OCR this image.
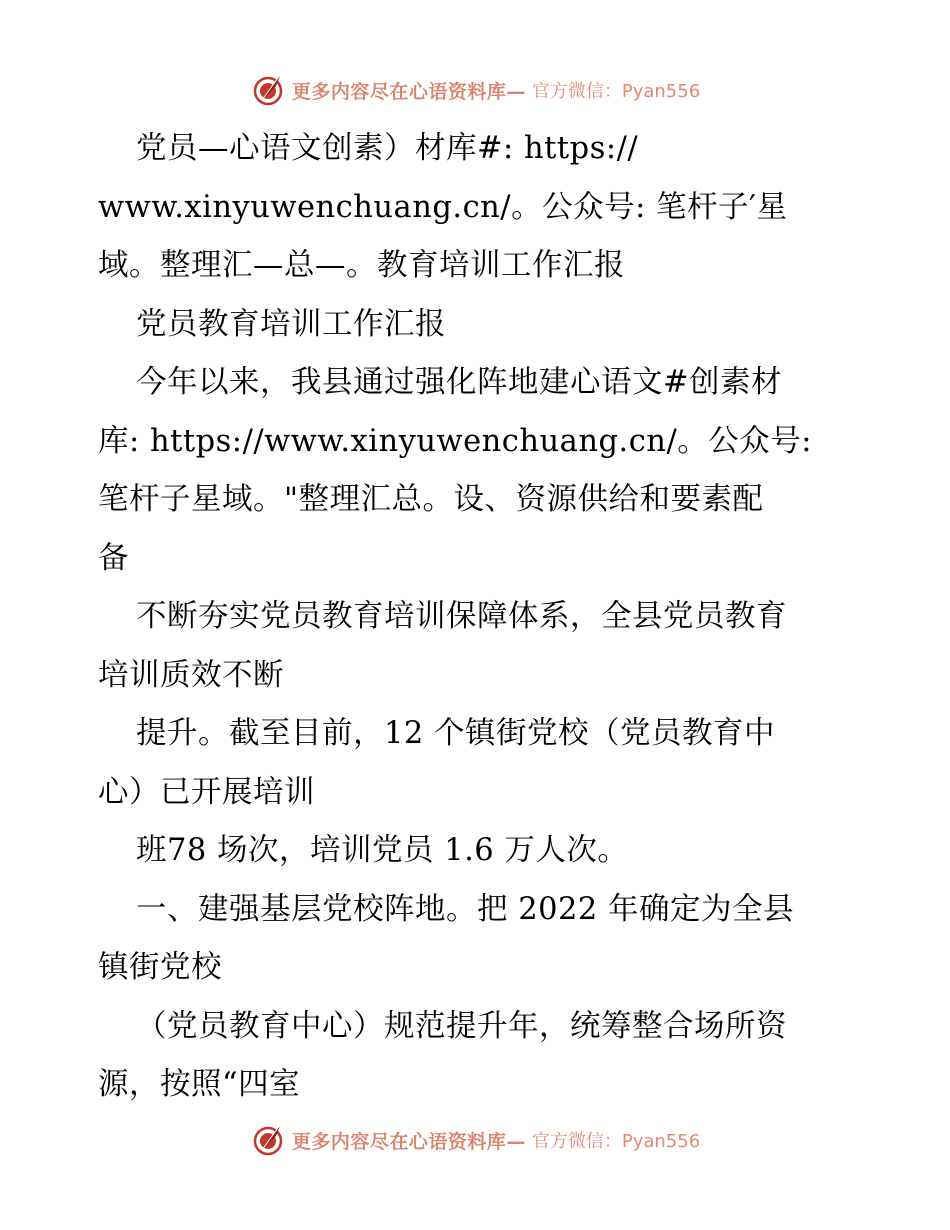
更多内容尽在心语资料库— 官方微信：Pyan556
党员—心语文创素）材库#: https://
www.xinyuwenchuang.cn/。公众号: 笔杆子′星
域。整理汇—总—。教育培训工作汇报
党员教育培训工作汇报
今年以来，我县通过强化阵地建心语文#创素材
库: https://www.xinyuwenchuang.cn/。公众号:
笔杆子星域。"整理汇总。设、资源供给和要素配
备
不断夯实党员教育培训保障体系，全县党员教育
培训质效不断
提升。截至目前，12 个镇街党校（党员教育中
心）已开展培训
班78 场次，培训党员 1.6 万人次。
一、建强基层党校阵地。把 2022 年确定为全县
镇街党校
（党员教育中心）规范提升年，统筹整合场所资
源，按照“四室
更多内容尽在心语资料库— 官方微信：Pyan556
